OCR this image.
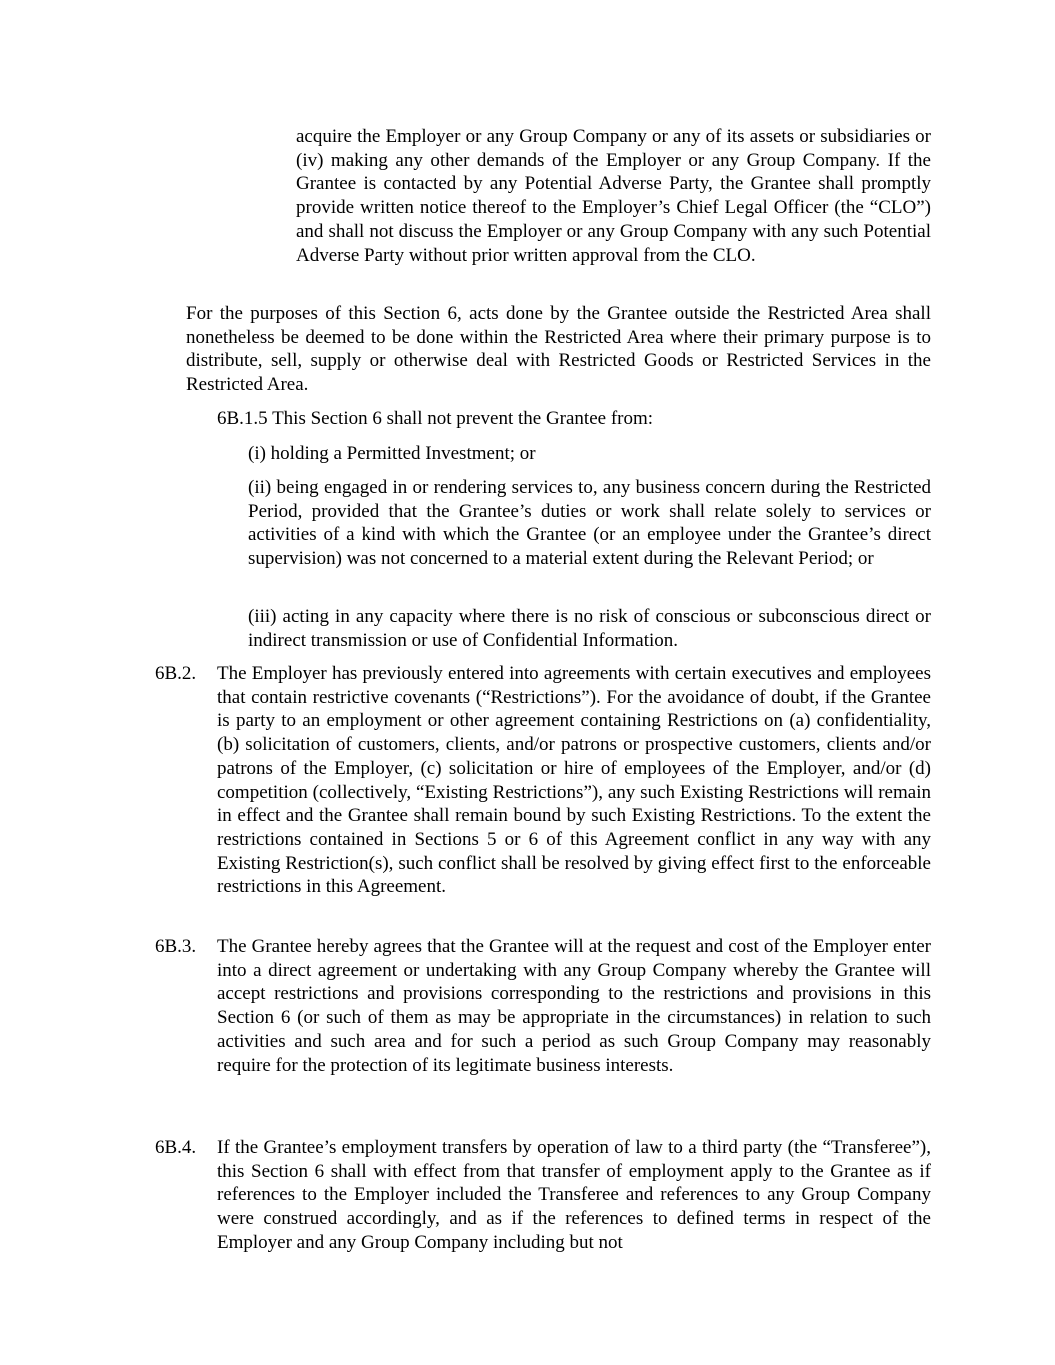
acquire the Employer or any Group Company or any of its assets or subsidiaries or (iv) making any other demands of the Employer or any Group Company. If the Grantee is contacted by any Potential Adverse Party, the Grantee shall promptly provide written notice thereof to the Employer’s Chief Legal Officer (the “CLO”) and shall not discuss the Employer or any Group Company with any such Potential Adverse Party without prior written approval from the CLO.

For the purposes of this Section 6, acts done by the Grantee outside the Restricted Area shall nonetheless be deemed to be done within the Restricted Area where their primary purpose is to distribute, sell, supply or otherwise deal with Restricted Goods or Restricted Services in the Restricted Area.

6B.1.5 This Section 6 shall not prevent the Grantee from:

(i) holding a Permitted Investment; or

(ii) being engaged in or rendering services to, any business concern during the Restricted Period, provided that the Grantee’s duties or work shall relate solely to services or activities of a kind with which the Grantee (or an employee under the Grantee’s direct supervision) was not concerned to a material extent during the Relevant Period; or

(iii) acting in any capacity where there is no risk of conscious or subconscious direct or indirect transmission or use of Confidential Information.

6B.2. The Employer has previously entered into agreements with certain executives and employees that contain restrictive covenants (“Restrictions”). For the avoidance of doubt, if the Grantee is party to an employment or other agreement containing Restrictions on (a) confidentiality, (b) solicitation of customers, clients, and/or patrons or prospective customers, clients and/or patrons of the Employer, (c) solicitation or hire of employees of the Employer, and/or (d) competition (collectively, “Existing Restrictions”), any such Existing Restrictions will remain in effect and the Grantee shall remain bound by such Existing Restrictions. To the extent the restrictions contained in Sections 5 or 6 of this Agreement conflict in any way with any Existing Restriction(s), such conflict shall be resolved by giving effect first to the enforceable restrictions in this Agreement.

6B.3. The Grantee hereby agrees that the Grantee will at the request and cost of the Employer enter into a direct agreement or undertaking with any Group Company whereby the Grantee will accept restrictions and provisions corresponding to the restrictions and provisions in this Section 6 (or such of them as may be appropriate in the circumstances) in relation to such activities and such area and for such a period as such Group Company may reasonably require for the protection of its legitimate business interests.

6B.4. If the Grantee’s employment transfers by operation of law to a third party (the “Transferee”), this Section 6 shall with effect from that transfer of employment apply to the Grantee as if references to the Employer included the Transferee and references to any Group Company were construed accordingly, and as if the references to defined terms in respect of the Employer and any Group Company including but not
